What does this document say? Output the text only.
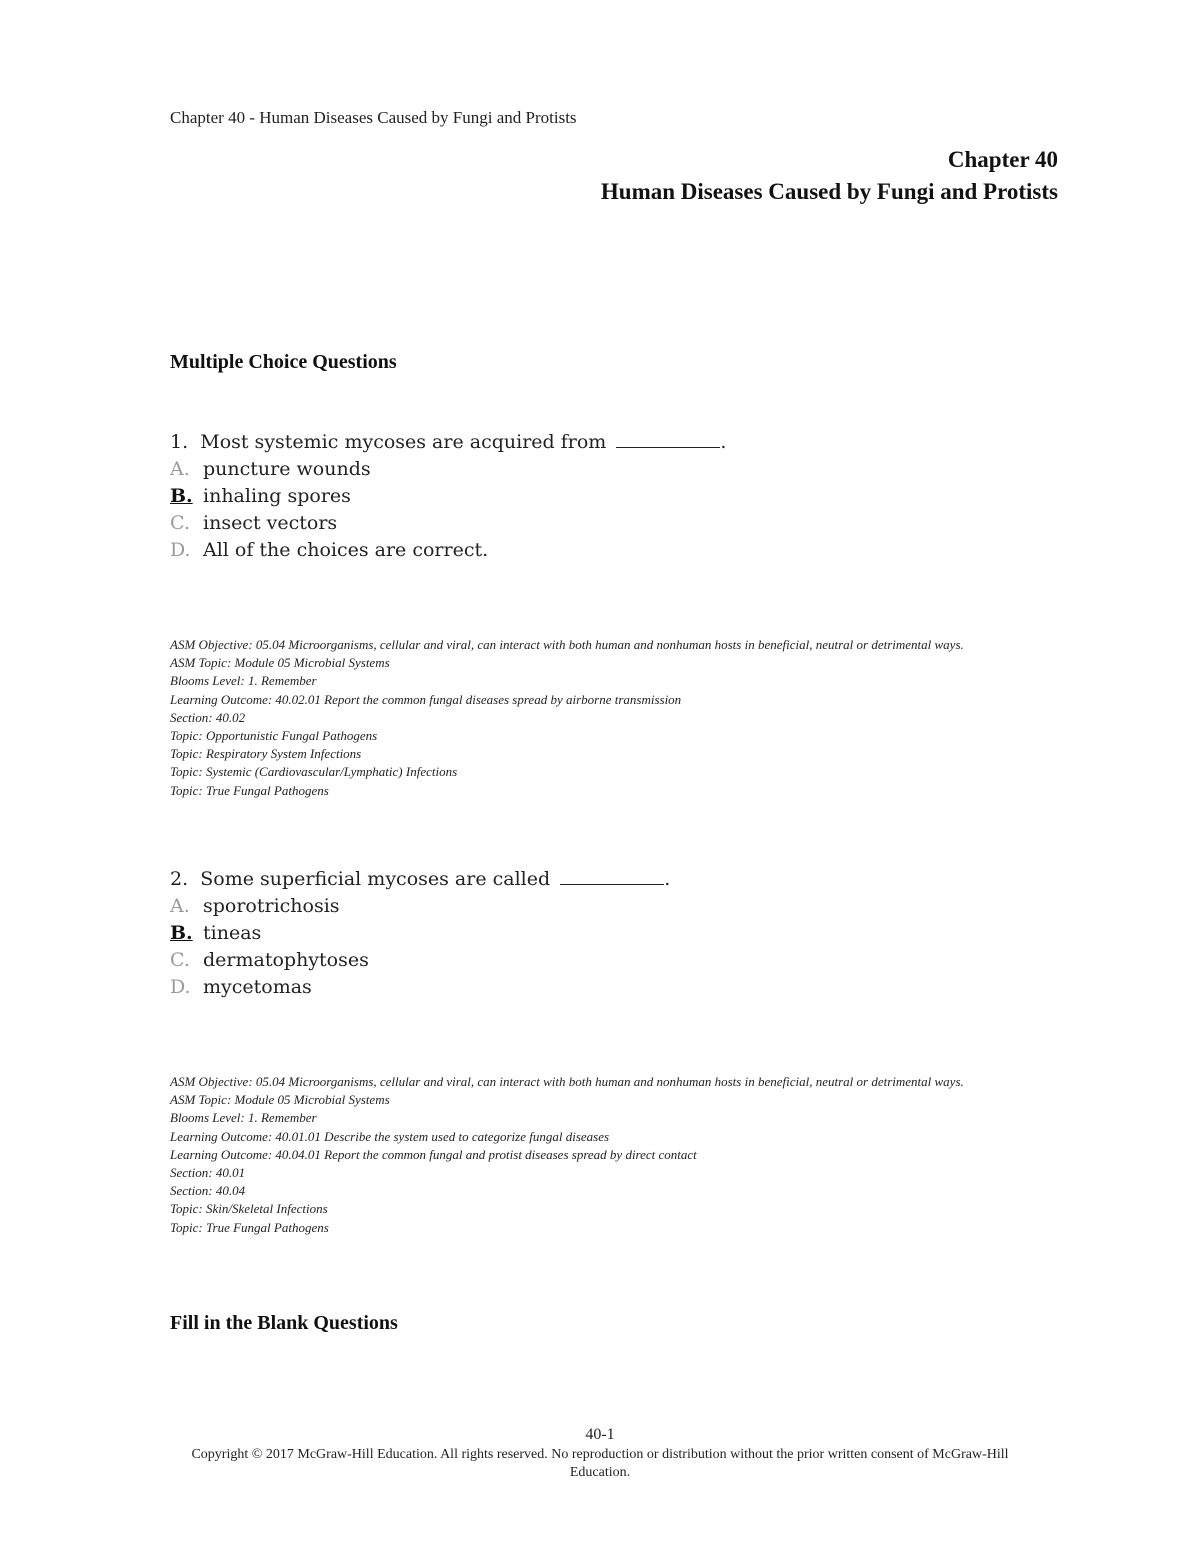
Chapter 40 - Human Diseases Caused by Fungi and Protists
Chapter 40
Human Diseases Caused by Fungi and Protists
Multiple Choice Questions
1. Most systemic mycoses are acquired from	.
A. puncture wounds
B. inhaling spores
C. insect vectors
D. All of the choices are correct.
ASM Objective: 05.04 Microorganisms, cellular and viral, can interact with both human and nonhuman hosts in beneficial, neutral or detrimental ways.
ASM Topic: Module 05 Microbial Systems
Blooms Level: 1. Remember
Learning Outcome: 40.02.01 Report the common fungal diseases spread by airborne transmission
Section: 40.02
Topic: Opportunistic Fungal Pathogens
Topic: Respiratory System Infections
Topic: Systemic (Cardiovascular/Lymphatic) Infections
Topic: True Fungal Pathogens
2. Some superficial mycoses are called	.
A. sporotrichosis
B. tineas
C. dermatophytoses
D. mycetomas
ASM Objective: 05.04 Microorganisms, cellular and viral, can interact with both human and nonhuman hosts in beneficial, neutral or detrimental ways.
ASM Topic: Module 05 Microbial Systems
Blooms Level: 1. Remember
Learning Outcome: 40.01.01 Describe the system used to categorize fungal diseases
Learning Outcome: 40.04.01 Report the common fungal and protist diseases spread by direct contact
Section: 40.01
Section: 40.04
Topic: Skin/Skeletal Infections
Topic: True Fungal Pathogens
Fill in the Blank Questions
40-1
Copyright © 2017 McGraw-Hill Education. All rights reserved. No reproduction or distribution without the prior written consent of McGraw-Hill Education.
